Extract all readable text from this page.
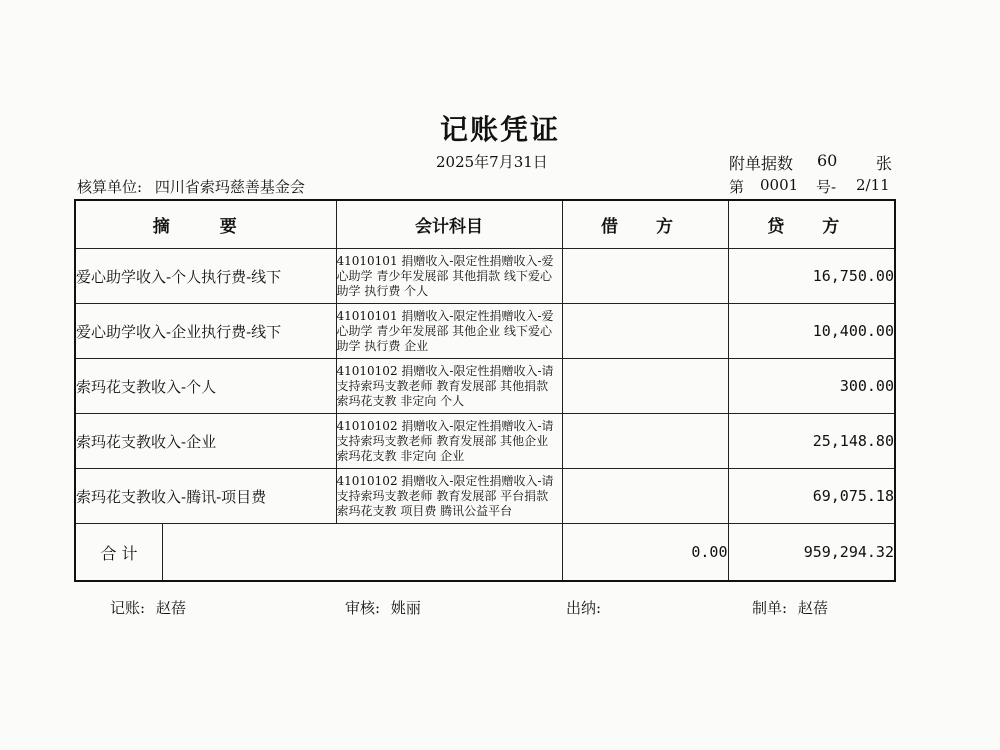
记账凭证
2025年7月31日	附单据数 60 张
核算单位: 四川省索玛慈善基金会	第 0001 号- 2/11
摘 要	会计科目	借 方	贷 方
爱心助学收入-个人执行费-线下	41010101 捐赠收入-限定性捐赠收入-爱心助学 青少年发展部 其他捐款 线下爱心助学 执行费 个人		16,750.00
爱心助学收入-企业执行费-线下	41010101 捐赠收入-限定性捐赠收入-爱心助学 青少年发展部 其他企业 线下爱心助学 执行费 企业		10,400.00
索玛花支教收入-个人	41010102 捐赠收入-限定性捐赠收入-请支持索玛支教老师 教育发展部 其他捐款 索玛花支教 非定向 个人		300.00
索玛花支教收入-企业	41010102 捐赠收入-限定性捐赠收入-请支持索玛支教老师 教育发展部 其他企业 索玛花支教 非定向 企业		25,148.80
索玛花支教收入-腾讯-项目费	41010102 捐赠收入-限定性捐赠收入-请支持索玛支教老师 教育发展部 平台捐款 索玛花支教 项目费 腾讯公益平台		69,075.18

合 计		0.00	959,294.32
记账: 赵蓓	审核: 姚丽	出纳:	制单: 赵蓓
